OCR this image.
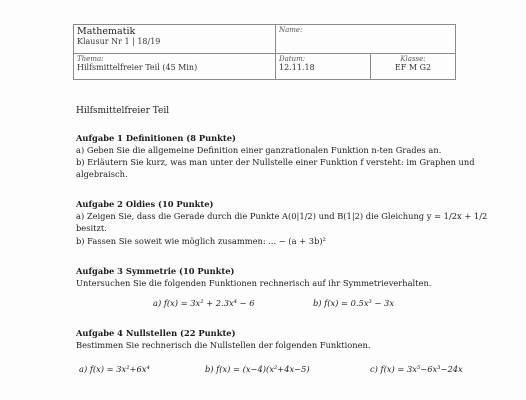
Mathematik
Klausur Nr 1 | 18/19	Name:	

Thema:
Hilfsmittelfreier Teil (45 Min)	Datum:
12.11.18	Klasse:
EF M G2
Hilfsmittelfreier Teil
Aufgabe 1 Definitionen (8 Punkte)
a) Geben Sie die allgemeine Definition einer ganzrationalen Funktion n-ten Grades an.
b) Erläutern Sie kurz, was man unter der Nullstelle einer Funktion f versteht: im Graphen und
algebraisch.
Aufgabe 2 Oldies (10 Punkte)
a) Zeigen Sie, dass die Gerade durch die Punkte A(0|1/2) und B(1|2) die Gleichung y = 1/2x + 1/2
besitzt.
b) Fassen Sie soweit wie möglich zusammen: ... − (a + 3b)²
Aufgabe 3 Symmetrie (10 Punkte)
Untersuchen Sie die folgenden Funktionen rechnerisch auf ihr Symmetrieverhalten.
a) f(x) = 3x² + 2.3x⁴ − 6	b) f(x) = 0.5x³ − 3x
Aufgabe 4 Nullstellen (22 Punkte)
Bestimmen Sie rechnerisch die Nullstellen der folgenden Funktionen.
a) f(x) = 3x²+6x⁴	b) f(x) = (x−4)(x²+4x−5)	c) f(x) = 3x⁵−6x³−24x
